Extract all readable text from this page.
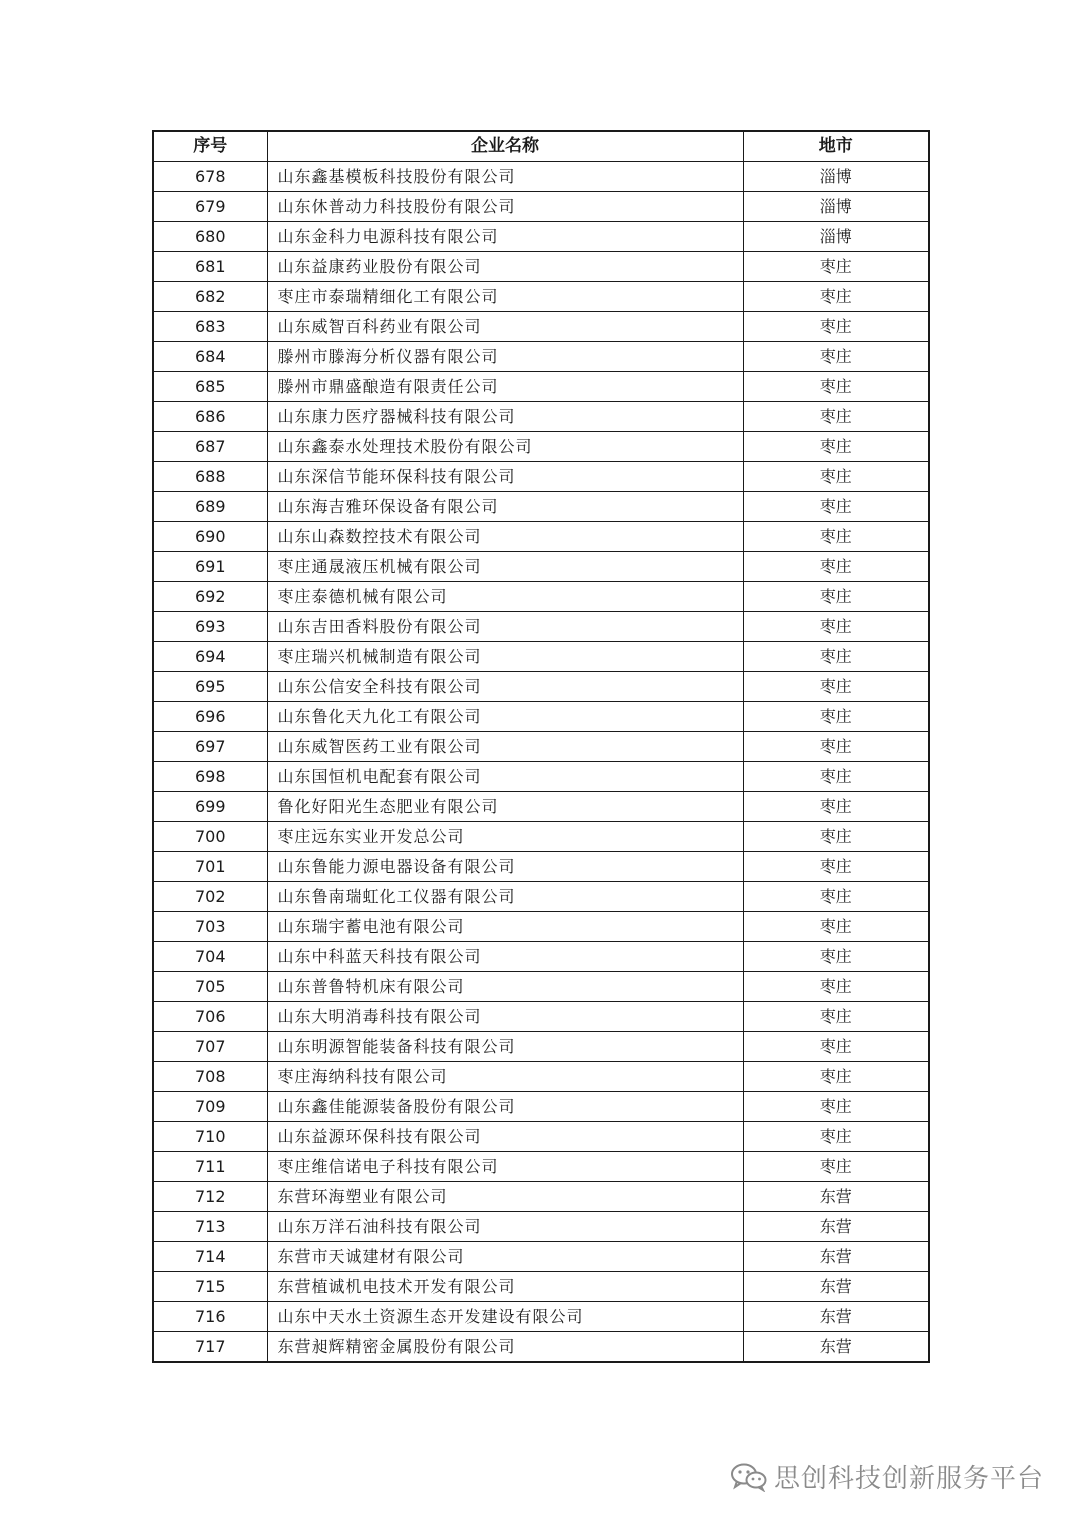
序号	企业名称	地市
678	山东鑫基模板科技股份有限公司	淄博
679	山东休普动力科技股份有限公司	淄博
680	山东金科力电源科技有限公司	淄博
681	山东益康药业股份有限公司	枣庄
682	枣庄市泰瑞精细化工有限公司	枣庄
683	山东威智百科药业有限公司	枣庄
684	滕州市滕海分析仪器有限公司	枣庄
685	滕州市鼎盛酿造有限责任公司	枣庄
686	山东康力医疗器械科技有限公司	枣庄
687	山东鑫泰水处理技术股份有限公司	枣庄
688	山东深信节能环保科技有限公司	枣庄
689	山东海吉雅环保设备有限公司	枣庄
690	山东山森数控技术有限公司	枣庄
691	枣庄通晟液压机械有限公司	枣庄
692	枣庄泰德机械有限公司	枣庄
693	山东吉田香料股份有限公司	枣庄
694	枣庄瑞兴机械制造有限公司	枣庄
695	山东公信安全科技有限公司	枣庄
696	山东鲁化天九化工有限公司	枣庄
697	山东威智医药工业有限公司	枣庄
698	山东国恒机电配套有限公司	枣庄
699	鲁化好阳光生态肥业有限公司	枣庄
700	枣庄远东实业开发总公司	枣庄
701	山东鲁能力源电器设备有限公司	枣庄
702	山东鲁南瑞虹化工仪器有限公司	枣庄
703	山东瑞宇蓄电池有限公司	枣庄
704	山东中科蓝天科技有限公司	枣庄
705	山东普鲁特机床有限公司	枣庄
706	山东大明消毒科技有限公司	枣庄
707	山东明源智能装备科技有限公司	枣庄
708	枣庄海纳科技有限公司	枣庄
709	山东鑫佳能源装备股份有限公司	枣庄
710	山东益源环保科技有限公司	枣庄
711	枣庄维信诺电子科技有限公司	枣庄
712	东营环海塑业有限公司	东营
713	山东万洋石油科技有限公司	东营
714	东营市天诚建材有限公司	东营
715	东营植诚机电技术开发有限公司	东营
716	山东中天水土资源生态开发建设有限公司	东营
717	东营昶辉精密金属股份有限公司	东营
思创科技创新服务平台
